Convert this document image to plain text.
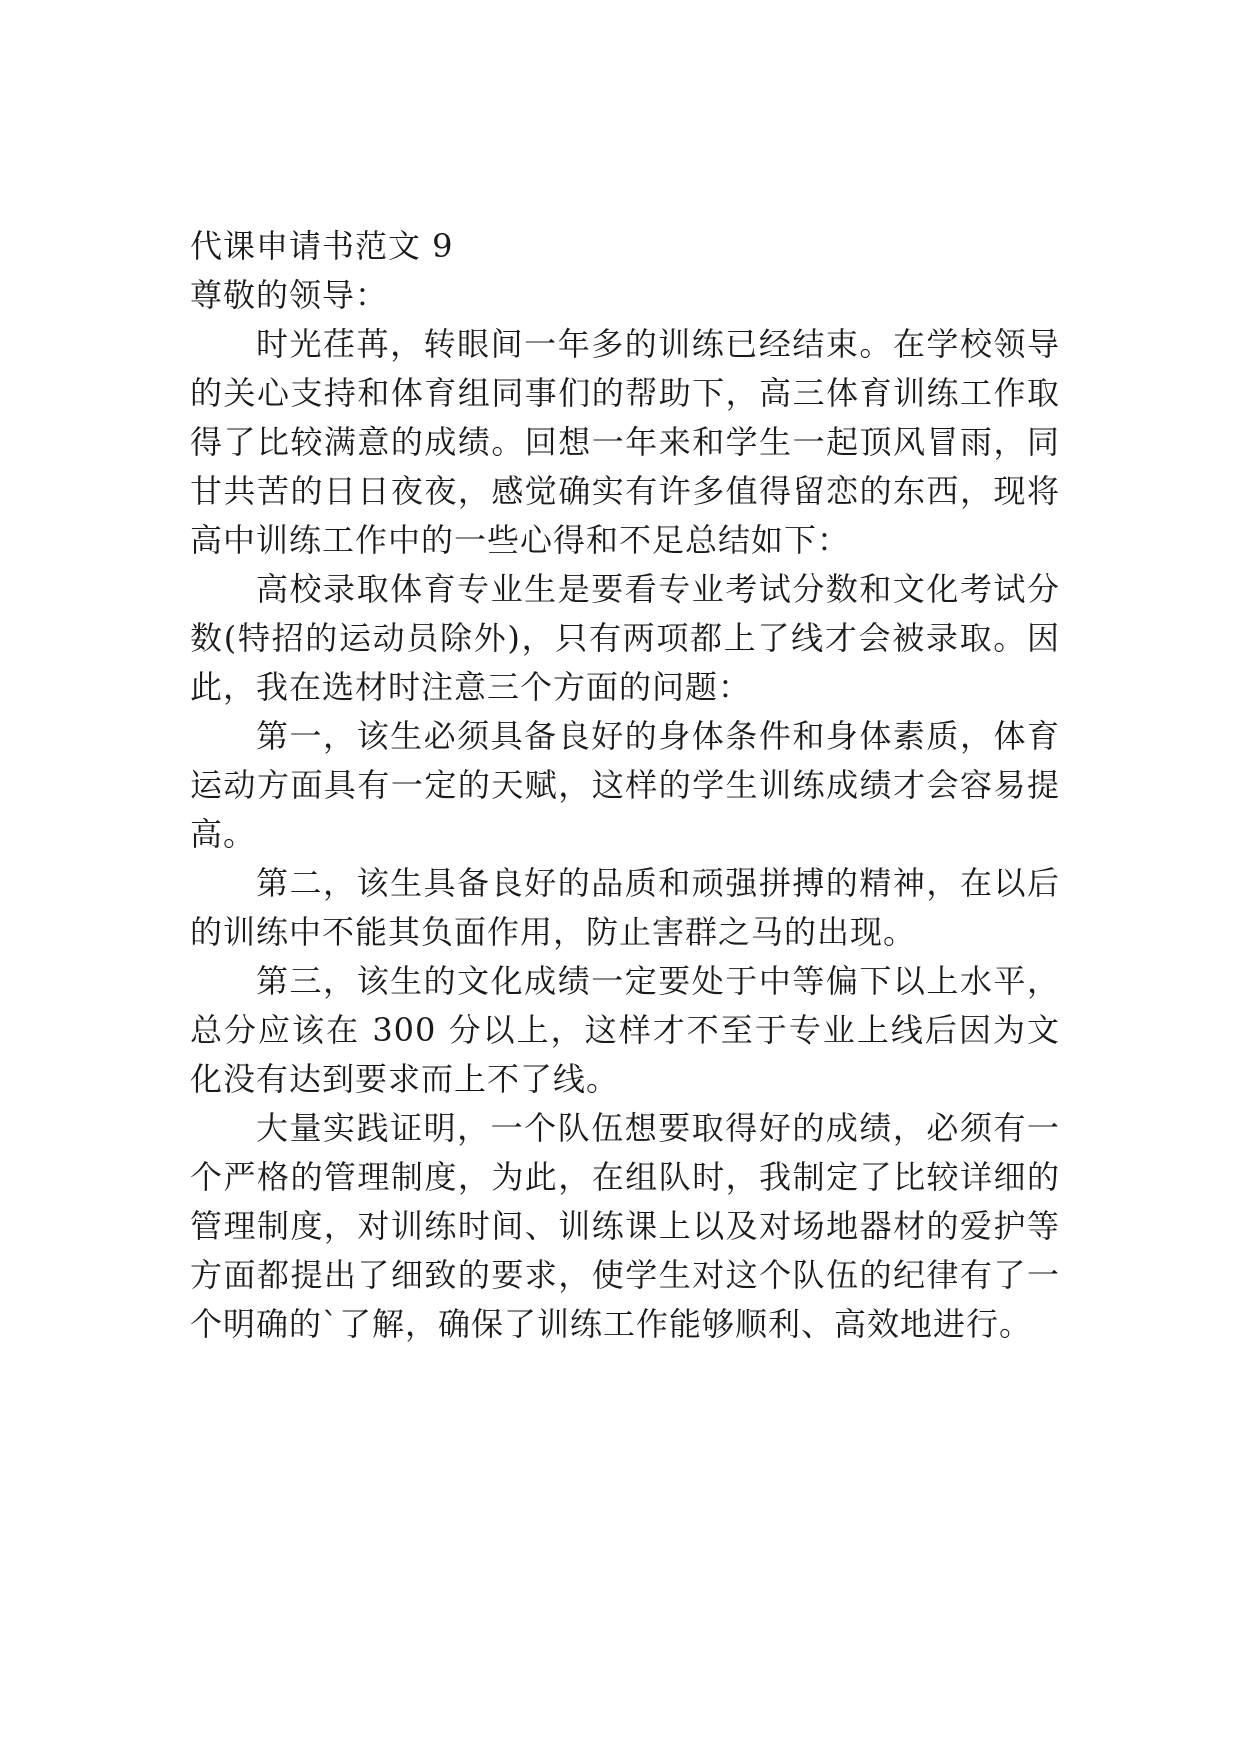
代课申请书范文 9
尊敬的领导：

时光荏苒，转眼间一年多的训练已经结束。在学校领导的关心支持和体育组同事们的帮助下，高三体育训练工作取得了比较满意的成绩。回想一年来和学生一起顶风冒雨，同甘共苦的日日夜夜，感觉确实有许多值得留恋的东西，现将高中训练工作中的一些心得和不足总结如下：

高校录取体育专业生是要看专业考试分数和文化考试分数(特招的运动员除外)，只有两项都上了线才会被录取。因此，我在选材时注意三个方面的问题：

第一，该生必须具备良好的身体条件和身体素质，体育运动方面具有一定的天赋，这样的学生训练成绩才会容易提高。

第二，该生具备良好的品质和顽强拼搏的精神，在以后的训练中不能其负面作用，防止害群之马的出现。

第三，该生的文化成绩一定要处于中等偏下以上水平，总分应该在 300 分以上，这样才不至于专业上线后因为文化没有达到要求而上不了线。

大量实践证明，一个队伍想要取得好的成绩，必须有一个严格的管理制度，为此，在组队时，我制定了比较详细的管理制度，对训练时间、训练课上以及对场地器材的爱护等方面都提出了细致的要求，使学生对这个队伍的纪律有了一个明确的`了解，确保了训练工作能够顺利、高效地进行。
